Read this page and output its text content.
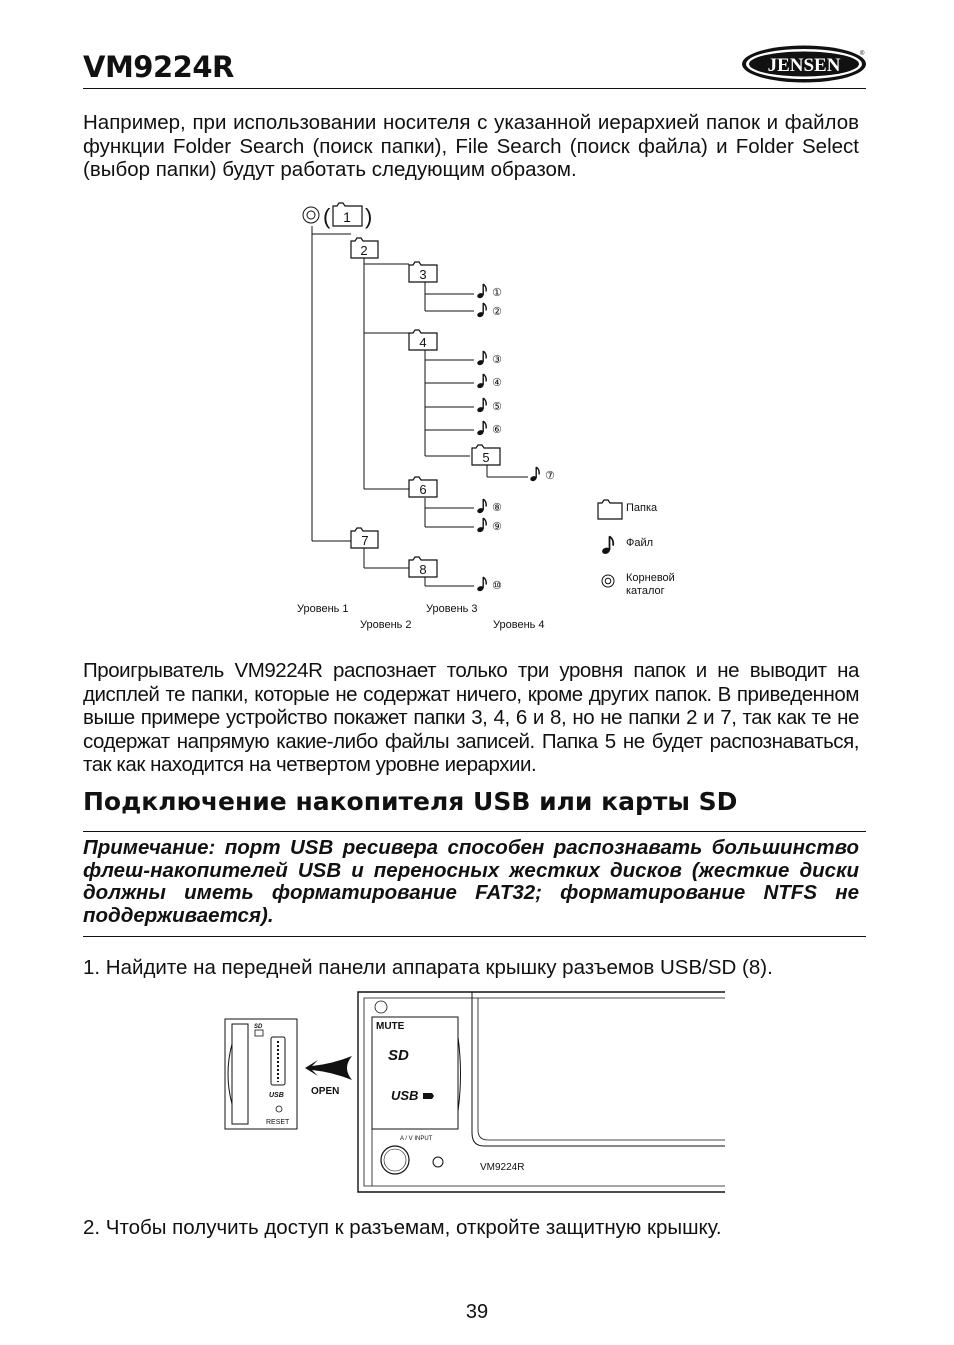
VM9224R	JENSEN
®
Например, при использовании носителя с указанной иерархией папок и файлов функции Folder Search (поиск папки), File Search (поиск файла) и Folder Select (выбор папки) будут работать следующим образом.
( )
1
2
3
4
5
6
7
8
①
②
③
④
⑤
⑥
⑦
⑧
⑨
⑩
Уровень 1
Уровень 2
Уровень 3
Уровень 4
Папка
Файл
Корневой
каталог
Проигрыватель VM9224R распознает только три уровня папок и не выводит на дисплей те папки, которые не содержат ничего, кроме других папок. В приведенном выше примере устройство покажет папки 3, 4, 6 и 8, но не папки 2 и 7, так как те не содержат напрямую какие-либо файлы записей. Папка 5 не будет распознаваться, так как находится на четвертом уровне иерархии.
Подключение накопителя USB или карты SD
Примечание: порт USB ресивера способен распознавать большинство флеш-накопителей USB и переносных жестких дисков (жесткие диски должны иметь форматирование FAT32; форматирование NTFS не поддерживается).
1. Найдите на передней панели аппарата крышку разъемов USB/SD (8).
SD
USB
RESET
OPEN
MUTE
SD
USB
A / V INPUT
VM9224R
2. Чтобы получить доступ к разъемам, откройте защитную крышку.
39
